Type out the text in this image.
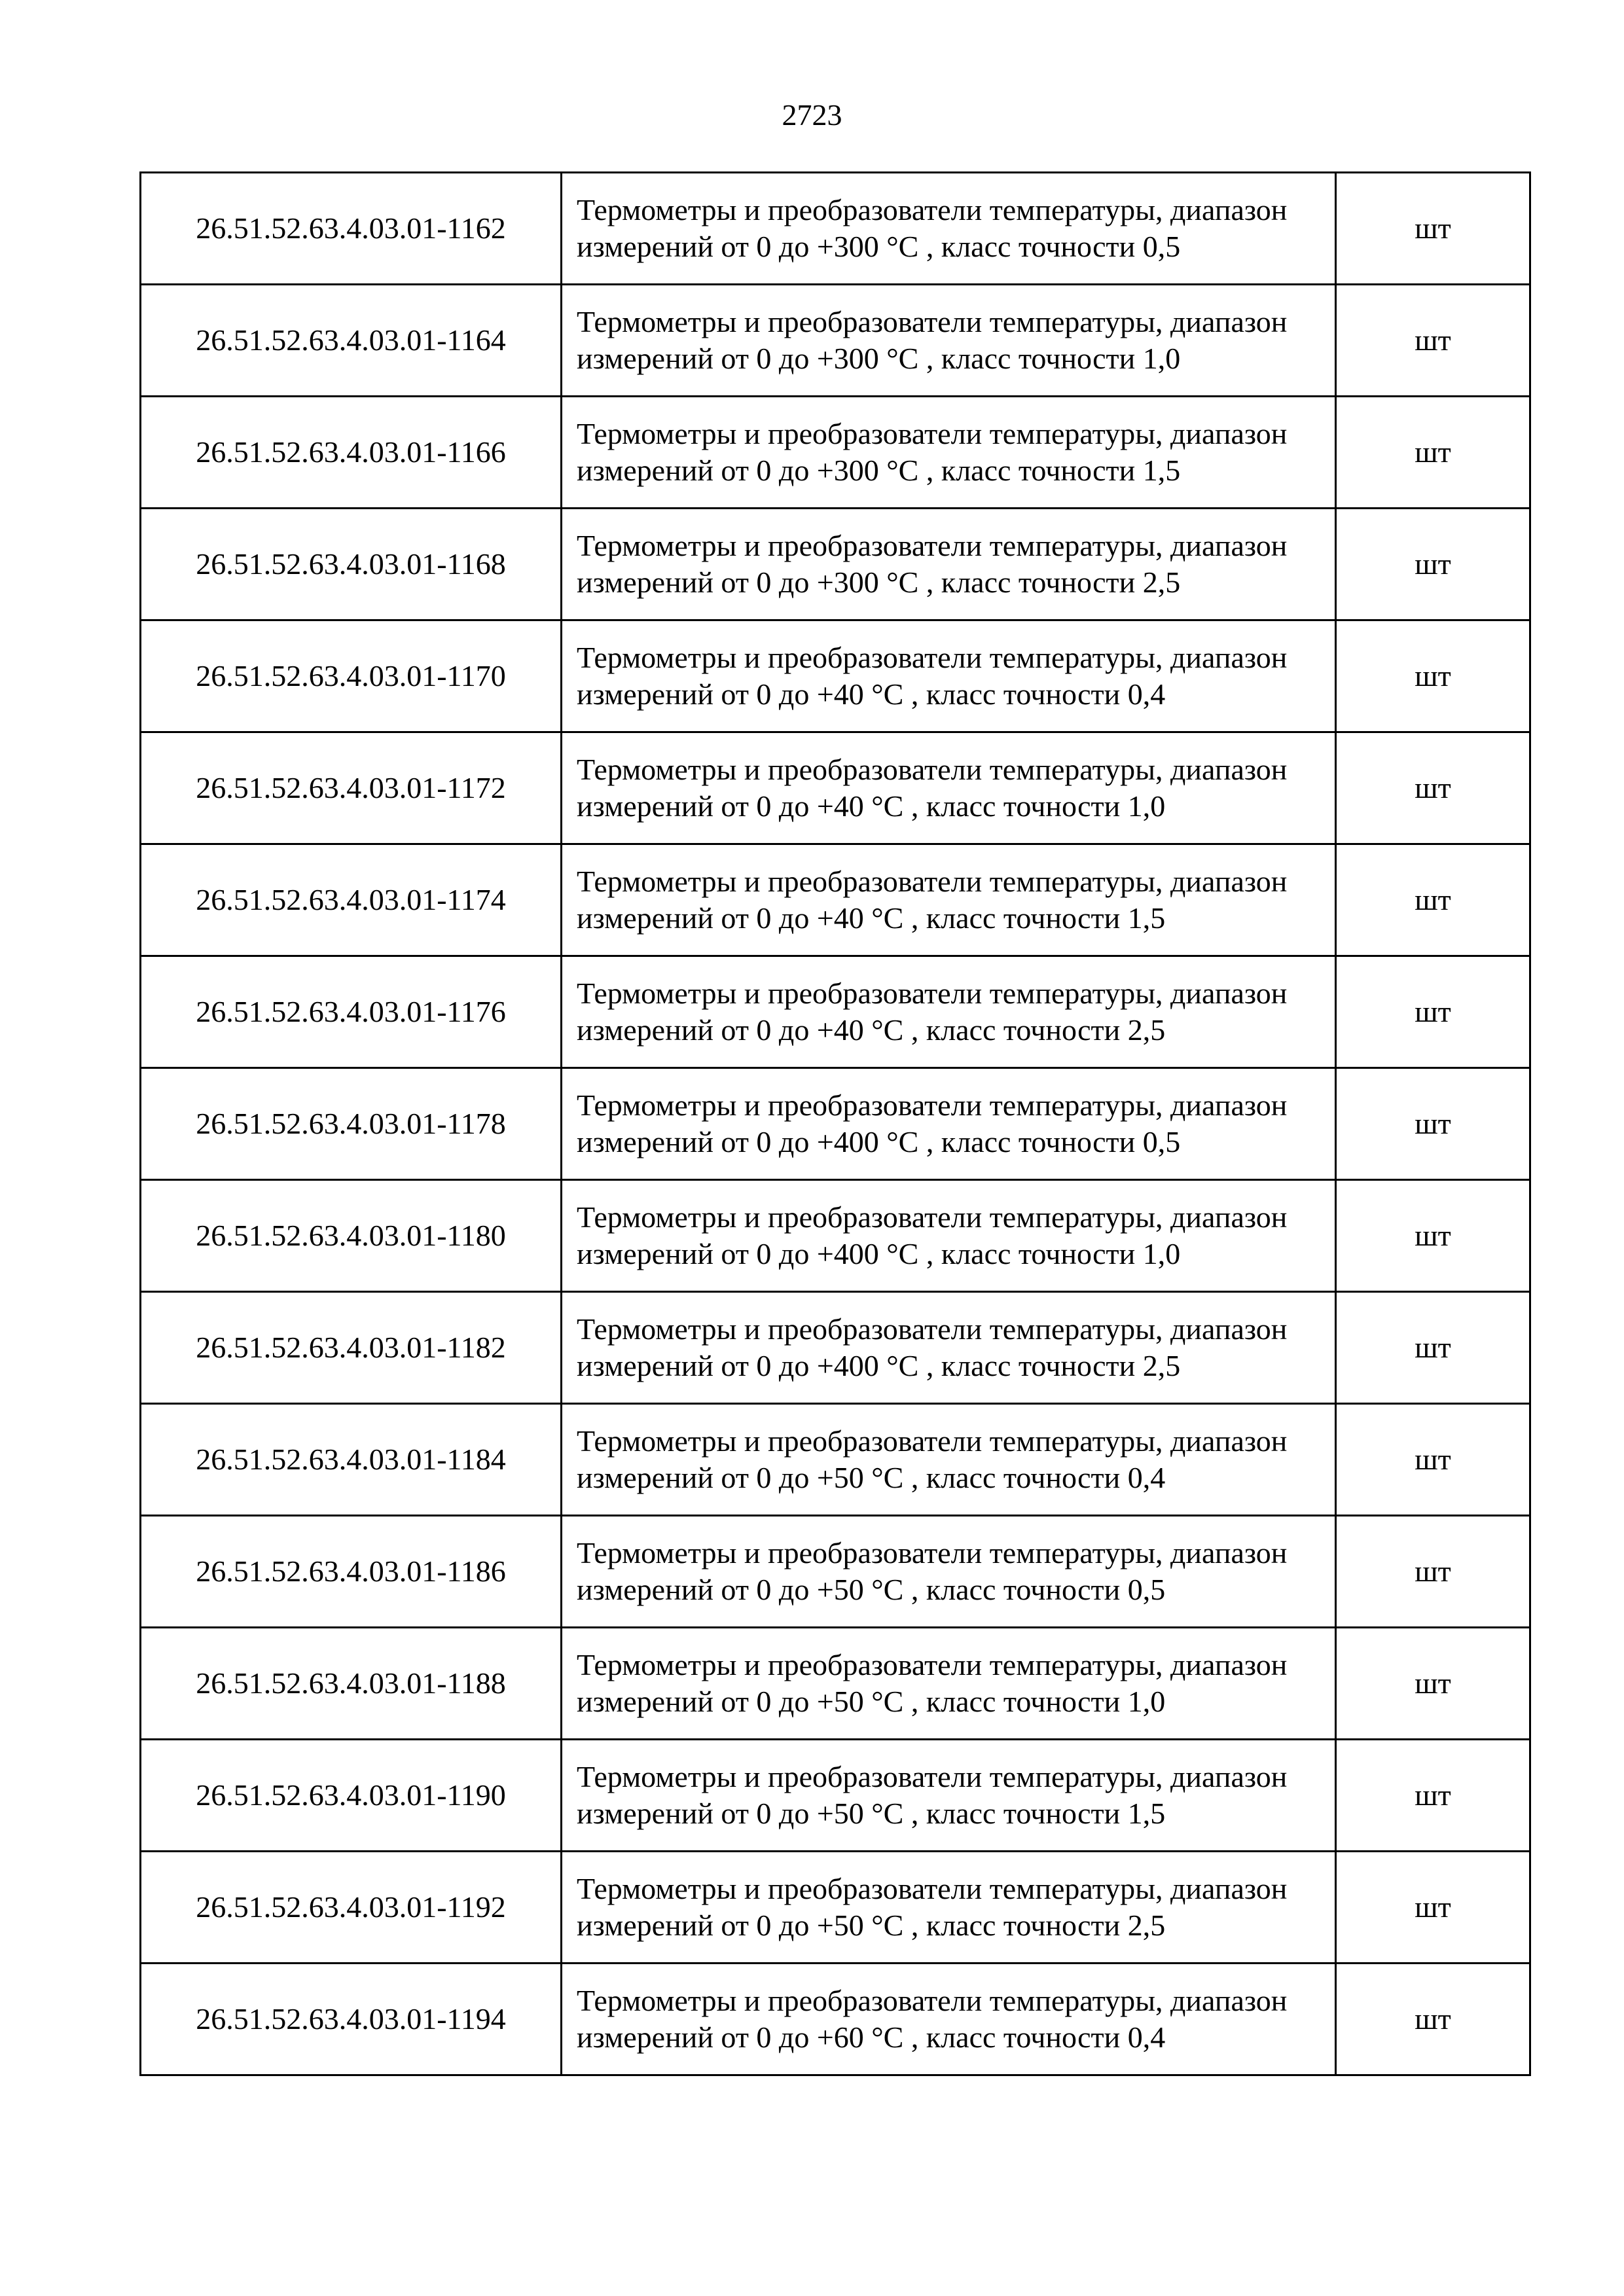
2723
26.51.52.63.4.03.01-1162	Термометры и преобразователи температуры, диапазон измерений от 0 до +300 °С , класс точности 0,5	шт
26.51.52.63.4.03.01-1164	Термометры и преобразователи температуры, диапазон измерений от 0 до +300 °С , класс точности 1,0	шт
26.51.52.63.4.03.01-1166	Термометры и преобразователи температуры, диапазон измерений от 0 до +300 °С , класс точности 1,5	шт
26.51.52.63.4.03.01-1168	Термометры и преобразователи температуры, диапазон измерений от 0 до +300 °С , класс точности 2,5	шт
26.51.52.63.4.03.01-1170	Термометры и преобразователи температуры, диапазон измерений от 0 до +40 °С , класс точности 0,4	шт
26.51.52.63.4.03.01-1172	Термометры и преобразователи температуры, диапазон измерений от 0 до +40 °С , класс точности 1,0	шт
26.51.52.63.4.03.01-1174	Термометры и преобразователи температуры, диапазон измерений от 0 до +40 °С , класс точности 1,5	шт
26.51.52.63.4.03.01-1176	Термометры и преобразователи температуры, диапазон измерений от 0 до +40 °С , класс точности 2,5	шт
26.51.52.63.4.03.01-1178	Термометры и преобразователи температуры, диапазон измерений от 0 до +400 °С , класс точности 0,5	шт
26.51.52.63.4.03.01-1180	Термометры и преобразователи температуры, диапазон измерений от 0 до +400 °С , класс точности 1,0	шт
26.51.52.63.4.03.01-1182	Термометры и преобразователи температуры, диапазон измерений от 0 до +400 °С , класс точности 2,5	шт
26.51.52.63.4.03.01-1184	Термометры и преобразователи температуры, диапазон измерений от 0 до +50 °С , класс точности 0,4	шт
26.51.52.63.4.03.01-1186	Термометры и преобразователи температуры, диапазон измерений от 0 до +50 °С , класс точности 0,5	шт
26.51.52.63.4.03.01-1188	Термометры и преобразователи температуры, диапазон измерений от 0 до +50 °С , класс точности 1,0	шт
26.51.52.63.4.03.01-1190	Термометры и преобразователи температуры, диапазон измерений от 0 до +50 °С , класс точности 1,5	шт
26.51.52.63.4.03.01-1192	Термометры и преобразователи температуры, диапазон измерений от 0 до +50 °С , класс точности 2,5	шт
26.51.52.63.4.03.01-1194	Термометры и преобразователи температуры, диапазон измерений от 0 до +60 °С , класс точности 0,4	шт
